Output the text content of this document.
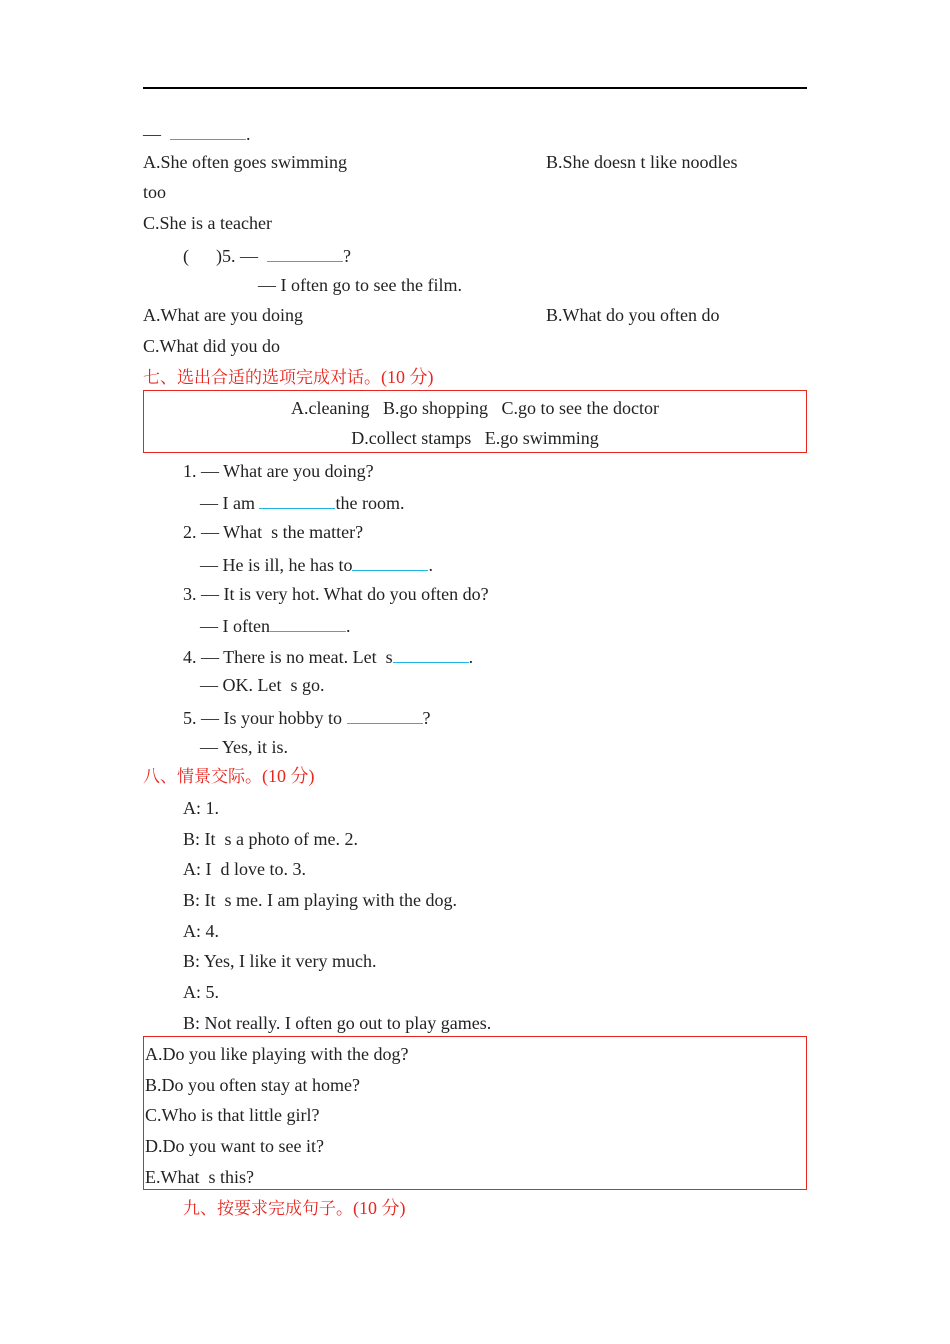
—	.
A.She often goes swimming	B.She doesn t like noodles
too
C.She is a teacher
(      )5. —	?
— I often go to see the film.
A.What are you doing	B.What do you often do
C.What did you do
七、选出合适的选项完成对话。(10 分)
A.cleaning   B.go shopping   C.go to see the doctor
D.collect stamps   E.go swimming
1. — What are you doing?
— I am	the room.
2. — What  s the matter?
— He is ill, he has to	.
3. — It is very hot. What do you often do?
— I often	.
4. — There is no meat. Let  s	.
— OK. Let  s go.
5. — Is your hobby to	?
— Yes, it is.
八、情景交际。(10 分)
A: 1.
B: It  s a photo of me. 2.
A: I  d love to. 3.
B: It  s me. I am playing with the dog.
A: 4.
B: Yes, I like it very much.
A: 5.
B: Not really. I often go out to play games.
A.Do you like playing with the dog?
B.Do you often stay at home?
C.Who is that little girl?
D.Do you want to see it?
E.What  s this?
九、按要求完成句子。(10 分)
